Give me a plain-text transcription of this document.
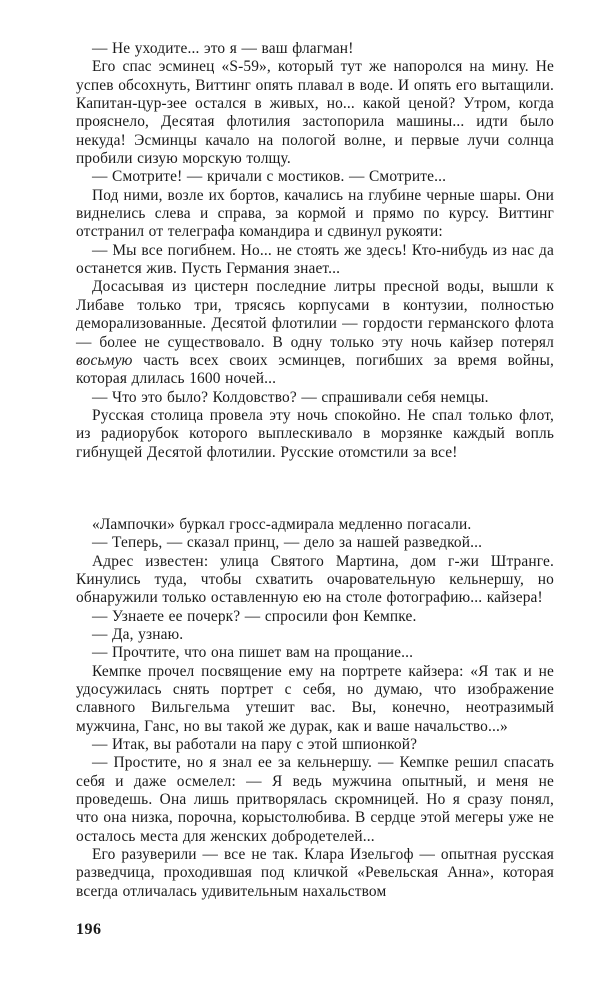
— Не уходите... это я — ваш флагман!

Его спас эсминец «S-59», который тут же напоролся на мину. Не успев обсохнуть, Виттинг опять плавал в воде. И опять его вытащили. Капитан-цур-зее остался в живых, но... какой ценой? Утром, когда прояснело, Десятая флотилия застопорила машины... идти было некуда! Эсминцы качало на пологой волне, и первые лучи солнца пробили сизую морскую толщу.

— Смотрите! — кричали с мостиков. — Смотрите...

Под ними, возле их бортов, качались на глубине черные шары. Они виднелись слева и справа, за кормой и прямо по курсу. Виттинг отстранил от телеграфа командира и сдвинул рукояти:

— Мы все погибнем. Но... не стоять же здесь! Кто-нибудь из нас да останется жив. Пусть Германия знает...

Досасывая из цистерн последние литры пресной воды, вышли к Либаве только три, трясясь корпусами в контузии, полностью деморализованные. Десятой флотилии — гордости германского флота — более не существовало. В одну только эту ночь кайзер потерял восьмую часть всех своих эсминцев, погибших за время войны, которая длилась 1600 ночей...

— Что это было? Колдовство? — спрашивали себя немцы.

Русская столица провела эту ночь спокойно. Не спал только флот, из радиорубок которого выплескивало в морзянке каждый вопль гибнущей Десятой флотилии. Русские отомстили за все!

«Лампочки» буркал гросс-адмирала медленно погасали.

— Теперь, — сказал принц, — дело за нашей разведкой...

Адрес известен: улица Святого Мартина, дом г-жи Штранге. Кинулись туда, чтобы схватить очаровательную кельнершу, но обнаружили только оставленную ею на столе фотографию... кайзера!

— Узнаете ее почерк? — спросили фон Кемпке.

— Да, узнаю.

— Прочтите, что она пишет вам на прощание...

Кемпке прочел посвящение ему на портрете кайзера: «Я так и не удосужилась снять портрет с себя, но думаю, что изображение славного Вильгельма утешит вас. Вы, конечно, неотразимый мужчина, Ганс, но вы такой же дурак, как и ваше начальство...»

— Итак, вы работали на пару с этой шпионкой?

— Простите, но я знал ее за кельнершу. — Кемпке решил спасать себя и даже осмелел: — Я ведь мужчина опытный, и меня не проведешь. Она лишь притворялась скромницей. Но я сразу понял, что она низка, порочна, корыстолюбива. В сердце этой мегеры уже не осталось места для женских добродетелей...

Его разуверили — все не так. Клара Изельгоф — опытная русская разведчица, проходившая под кличкой «Ревельская Анна», которая всегда отличалась удивительным нахальством

196
